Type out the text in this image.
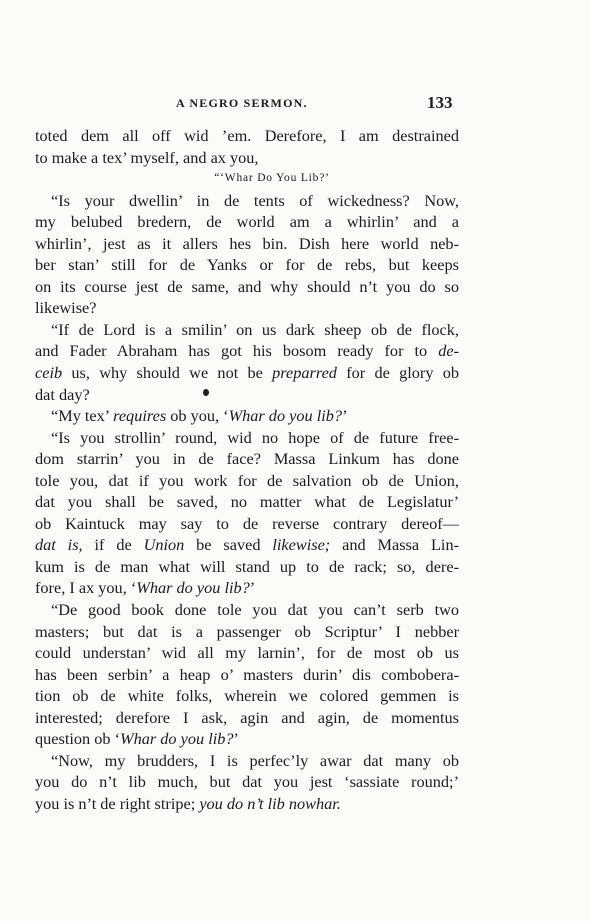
A NEGRO SERMON.	133
toted dem all off wid ’em. Derefore, I am destrained
to make a tex’ myself, and ax you,
“‘Whar Do You Lib?’
“Is your dwellin’ in de tents of wickedness? Now,
my belubed bredern, de world am a whirlin’ and a
whirlin’, jest as it allers hes bin. Dish here world neb-
ber stan’ still for de Yanks or for de rebs, but keeps
on its course jest de same, and why should n’t you do so
likewise?
“If de Lord is a smilin’ on us dark sheep ob de flock,
and Fader Abraham has got his bosom ready for to de-
ceib us, why should we not be preparred for de glory ob
dat day?
“My tex’ requires ob you, ‘Whar do you lib?’
“Is you strollin’ round, wid no hope of de future free-
dom starrin’ you in de face? Massa Linkum has done
tole you, dat if you work for de salvation ob de Union,
dat you shall be saved, no matter what de Legislatur’
ob Kaintuck may say to de reverse contrary dereof—
dat is, if de Union be saved likewise; and Massa Lin-
kum is de man what will stand up to de rack; so, dere-
fore, I ax you, ‘Whar do you lib?’
“De good book done tole you dat you can’t serb two
masters; but dat is a passenger ob Scriptur’ I nebber
could understan’ wid all my larnin’, for de most ob us
has been serbin’ a heap o’ masters durin’ dis combobera-
tion ob de white folks, wherein we colored gemmen is
interested; derefore I ask, agin and agin, de momentus
question ob ‘Whar do you lib?’
“Now, my brudders, I is perfec’ly awar dat many ob
you do n’t lib much, but dat you jest ‘sassiate round;’
you is n’t de right stripe; you do n’t lib nowhar.
